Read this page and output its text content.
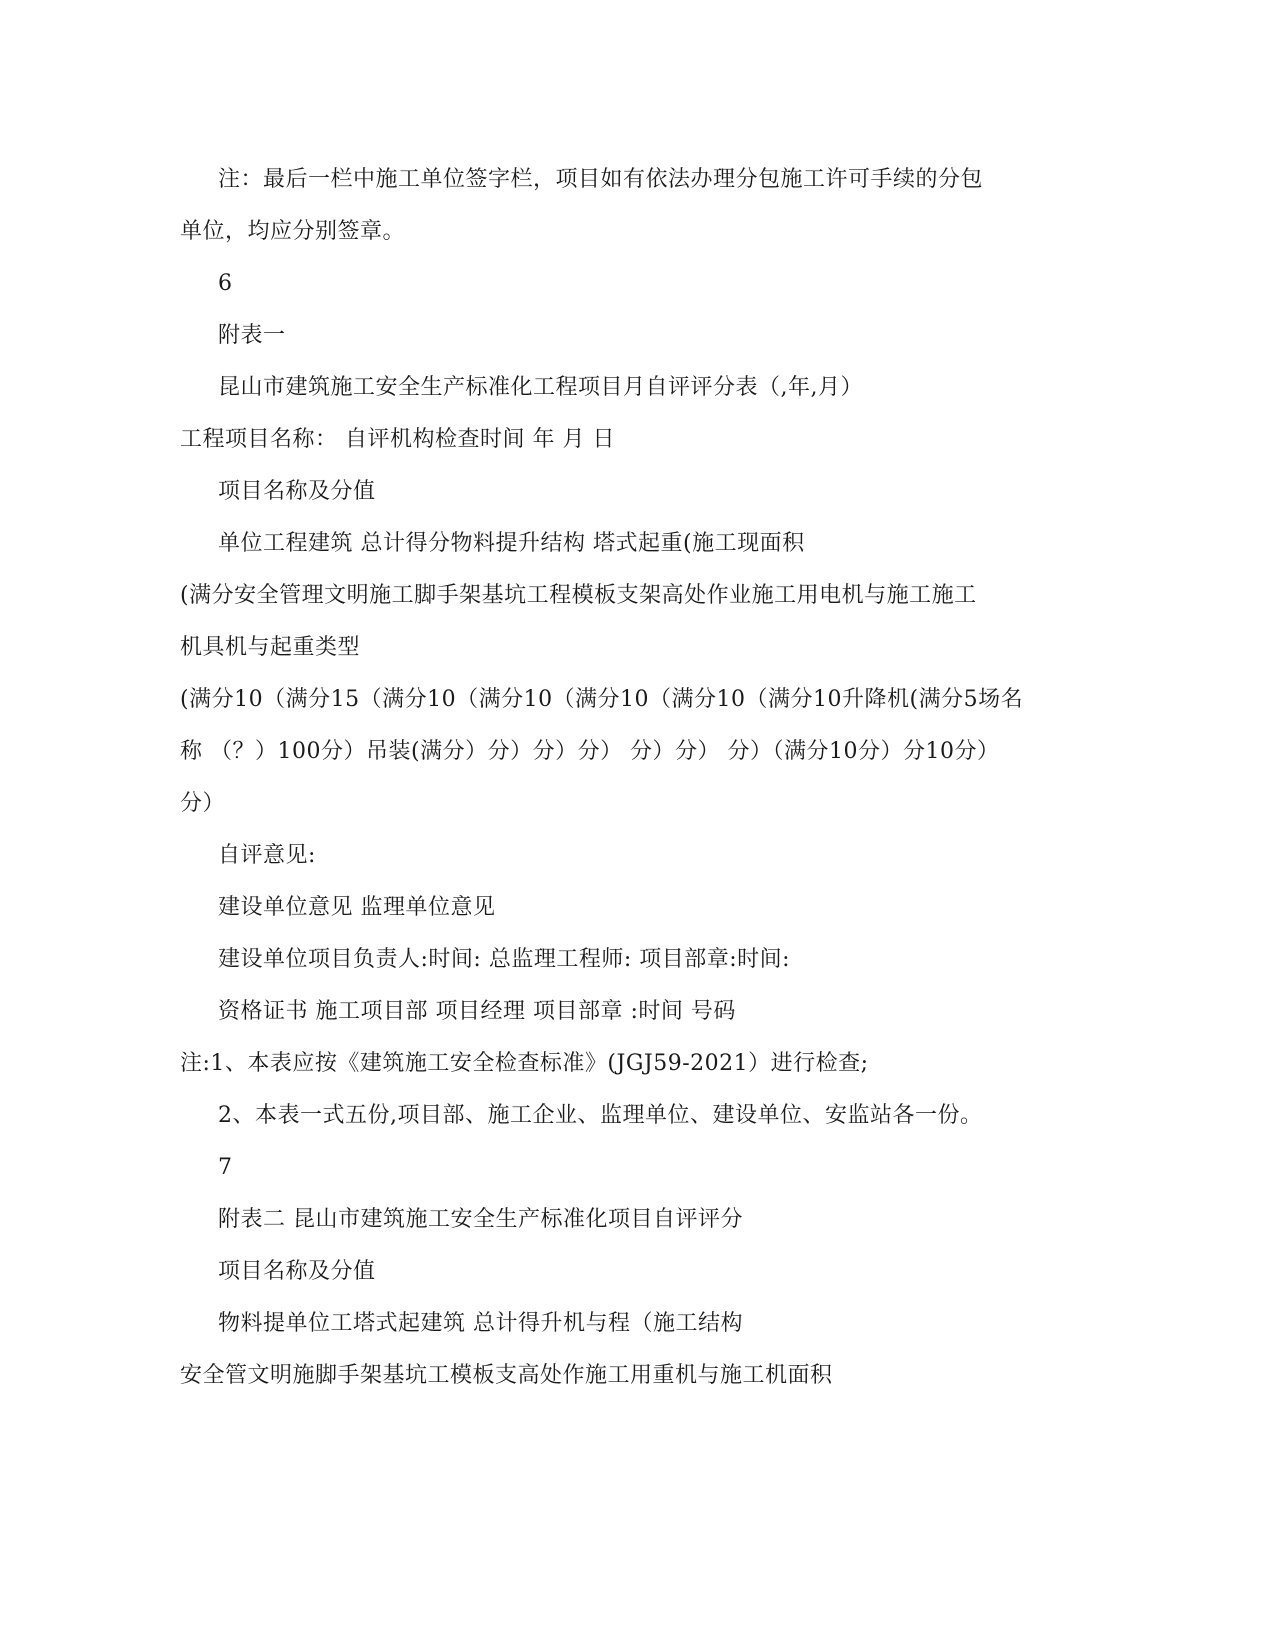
注：最后一栏中施工单位签字栏，项目如有依法办理分包施工许可手续的分包
单位，均应分别签章。
6
附表一
昆山市建筑施工安全生产标准化工程项目月自评评分表（,年,月）
工程项目名称： 自评机构检查时间 年 月 日
项目名称及分值
单位工程建筑 总计得分物料提升结构 塔式起重(施工现面积
(满分安全管理文明施工脚手架基坑工程模板支架高处作业施工用电机与施工施工
机具机与起重类型
(满分10（满分15（满分10（满分10（满分10（满分10（满分10升降机(满分5场名
称 （？）100分）吊装(满分）分）分）分） 分）分） 分）（满分10分）分10分）
分）
自评意见:
建设单位意见 监理单位意见
建设单位项目负责人:时间: 总监理工程师: 项目部章:时间:
资格证书 施工项目部 项目经理 项目部章 :时间 号码
注:1、本表应按《建筑施工安全检查标准》(JGJ59-2021）进行检查;
2、本表一式五份,项目部、施工企业、监理单位、建设单位、安监站各一份。
7
附表二 昆山市建筑施工安全生产标准化项目自评评分
项目名称及分值
物料提单位工塔式起建筑 总计得升机与程（施工结构
安全管文明施脚手架基坑工模板支高处作施工用重机与施工机面积
